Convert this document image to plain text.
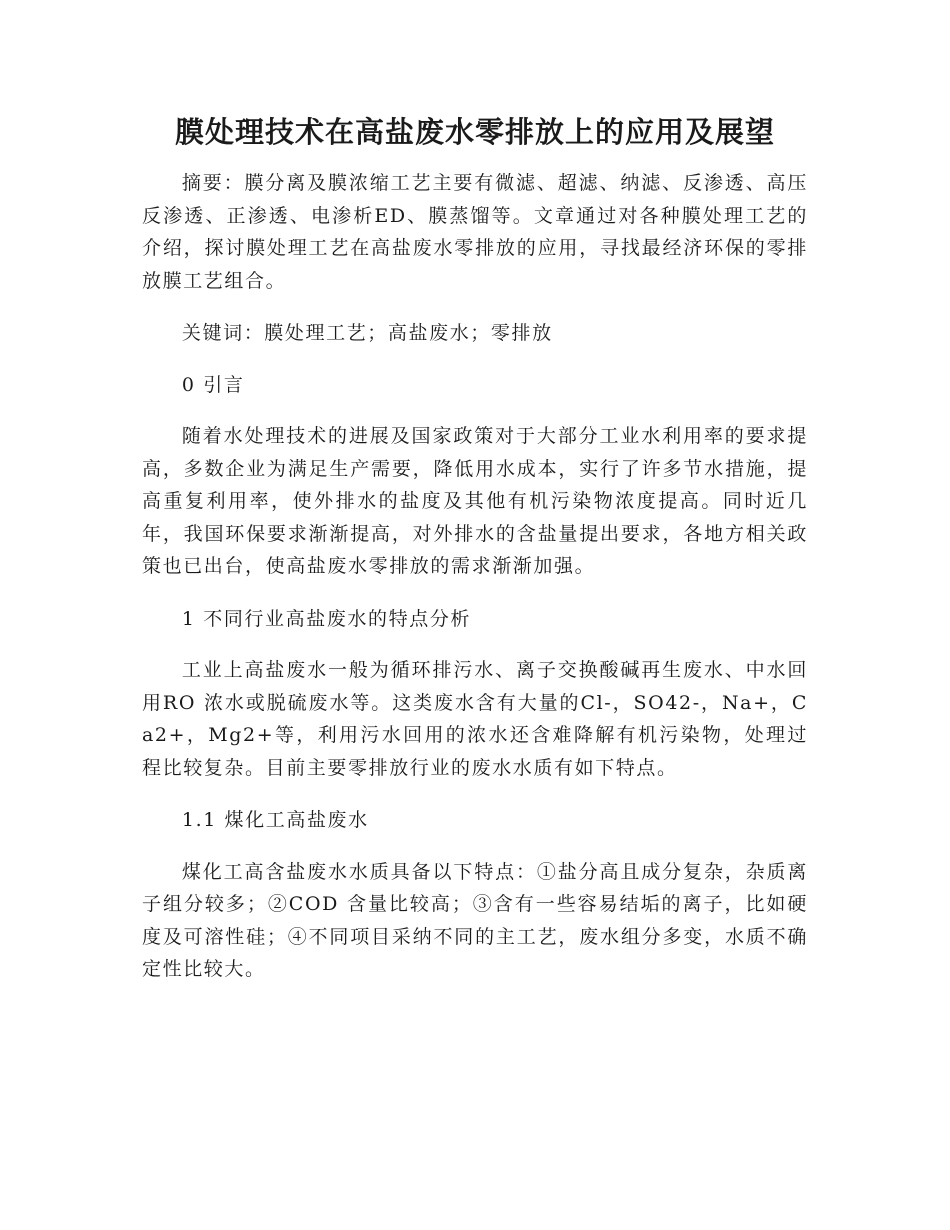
膜处理技术在高盐废水零排放上的应用及展望

摘要：膜分离及膜浓缩工艺主要有微滤、超滤、纳滤、反渗透、高压反渗透、正渗透、电渗析ED、膜蒸馏等。文章通过对各种膜处理工艺的介绍，探讨膜处理工艺在高盐废水零排放的应用，寻找最经济环保的零排放膜工艺组合。

关键词：膜处理工艺；高盐废水；零排放

0 引言

随着水处理技术的进展及国家政策对于大部分工业水利用率的要求提高，多数企业为满足生产需要，降低用水成本，实行了许多节水措施，提高重复利用率，使外排水的盐度及其他有机污染物浓度提高。同时近几年，我国环保要求渐渐提高，对外排水的含盐量提出要求，各地方相关政策也已出台，使高盐废水零排放的需求渐渐加强。

1 不同行业高盐废水的特点分析

工业上高盐废水一般为循环排污水、离子交换酸碱再生废水、中水回用RO 浓水或脱硫废水等。这类废水含有大量的Cl-，SO42-，Na+，Ca2+，Mg2+等，利用污水回用的浓水还含难降解有机污染物，处理过程比较复杂。目前主要零排放行业的废水水质有如下特点。

1.1 煤化工高盐废水

煤化工高含盐废水水质具备以下特点：①盐分高且成分复杂，杂质离子组分较多；②COD 含量比较高；③含有一些容易结垢的离子，比如硬度及可溶性硅；④不同项目采纳不同的主工艺，废水组分多变，水质不确定性比较大。
